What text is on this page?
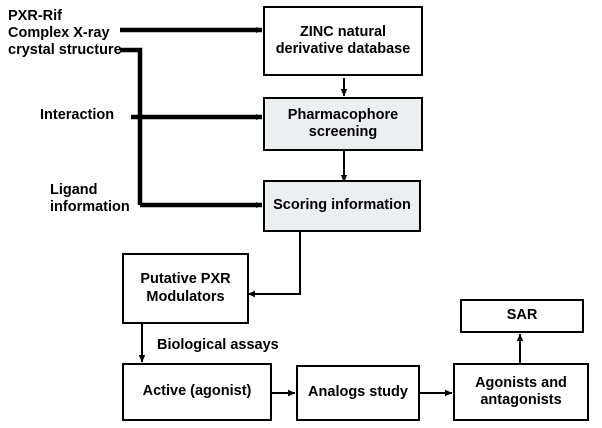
PXR-Rif Complex X-ray crystal structure
Interaction
Ligand information
ZINC natural derivative database
Pharmacophore screening
Scoring information
Putative PXR Modulators
Active (agonist)	Analogs study
Agonists and antagonists
SAR
Biological assays
